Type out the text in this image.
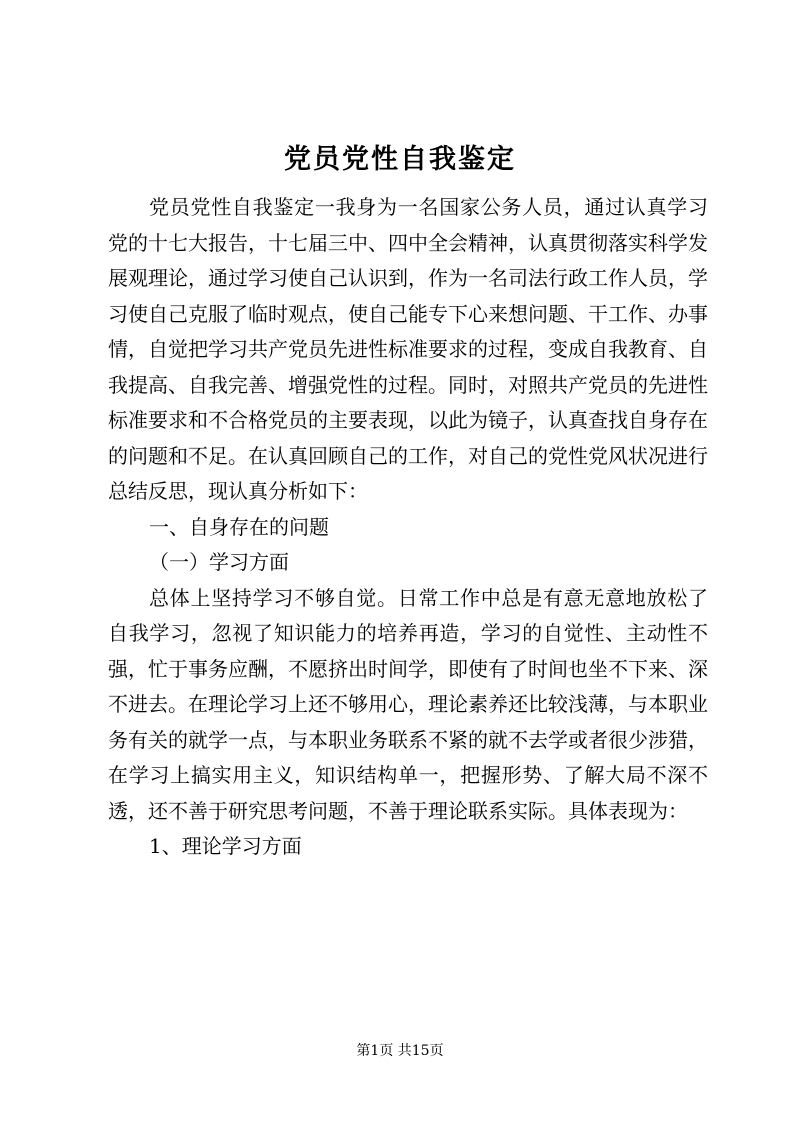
党员党性自我鉴定

党员党性自我鉴定一我身为一名国家公务人员，通过认真学习党的十七大报告，十七届三中、四中全会精神，认真贯彻落实科学发展观理论，通过学习使自己认识到，作为一名司法行政工作人员，学习使自己克服了临时观点，使自己能专下心来想问题、干工作、办事情，自觉把学习共产党员先进性标准要求的过程，变成自我教育、自我提高、自我完善、增强党性的过程。同时，对照共产党员的先进性标准要求和不合格党员的主要表现，以此为镜子，认真查找自身存在的问题和不足。在认真回顾自己的工作，对自己的党性党风状况进行总结反思，现认真分析如下：

一、自身存在的问题

（一）学习方面

总体上坚持学习不够自觉。日常工作中总是有意无意地放松了自我学习，忽视了知识能力的培养再造，学习的自觉性、主动性不强，忙于事务应酬，不愿挤出时间学，即使有了时间也坐不下来、深不进去。在理论学习上还不够用心，理论素养还比较浅薄，与本职业务有关的就学一点，与本职业务联系不紧的就不去学或者很少涉猎，在学习上搞实用主义，知识结构单一，把握形势、了解大局不深不透，还不善于研究思考问题，不善于理论联系实际。具体表现为：

1、理论学习方面

第1页 共15页
